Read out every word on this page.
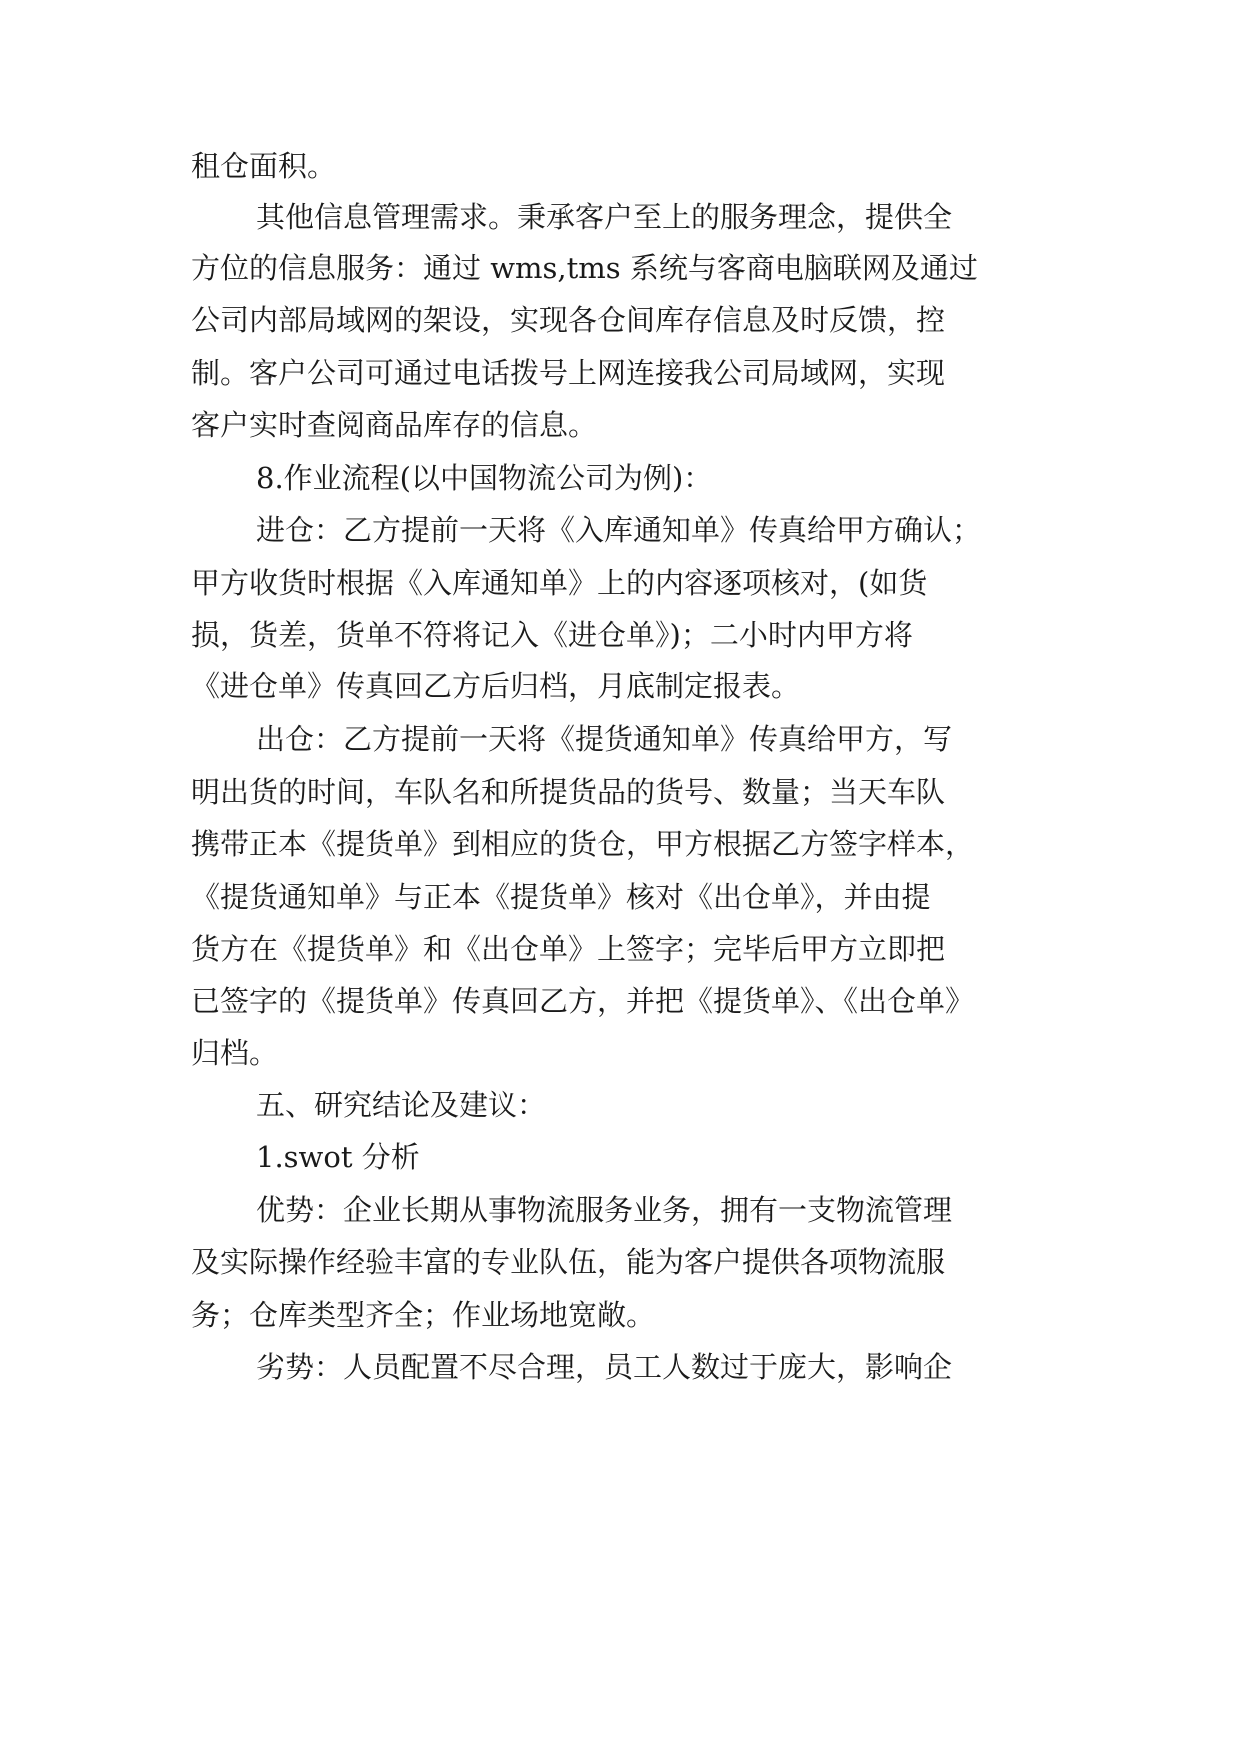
租仓面积。

其他信息管理需求。秉承客户至上的服务理念，提供全

方位的信息服务：通过 wms,tms 系统与客商电脑联网及通过

公司内部局域网的架设，实现各仓间库存信息及时反馈，控

制。客户公司可通过电话拨号上网连接我公司局域网，实现

客户实时查阅商品库存的信息。

8.作业流程(以中国物流公司为例)：

进仓：乙方提前一天将《入库通知单》传真给甲方确认；

甲方收货时根据《入库通知单》上的内容逐项核对，(如货

损，货差，货单不符将记入《进仓单》)；二小时内甲方将

《进仓单》传真回乙方后归档，月底制定报表。

出仓：乙方提前一天将《提货通知单》传真给甲方，写

明出货的时间，车队名和所提货品的货号、数量；当天车队

携带正本《提货单》到相应的货仓，甲方根据乙方签字样本，

《提货通知单》与正本《提货单》核对《出仓单》，并由提

货方在《提货单》和《出仓单》上签字；完毕后甲方立即把

已签字的《提货单》传真回乙方，并把《提货单》、《出仓单》

归档。

五、研究结论及建议：

1.swot 分析

优势：企业长期从事物流服务业务，拥有一支物流管理

及实际操作经验丰富的专业队伍，能为客户提供各项物流服

务；仓库类型齐全；作业场地宽敞。

劣势：人员配置不尽合理，员工人数过于庞大，影响企
